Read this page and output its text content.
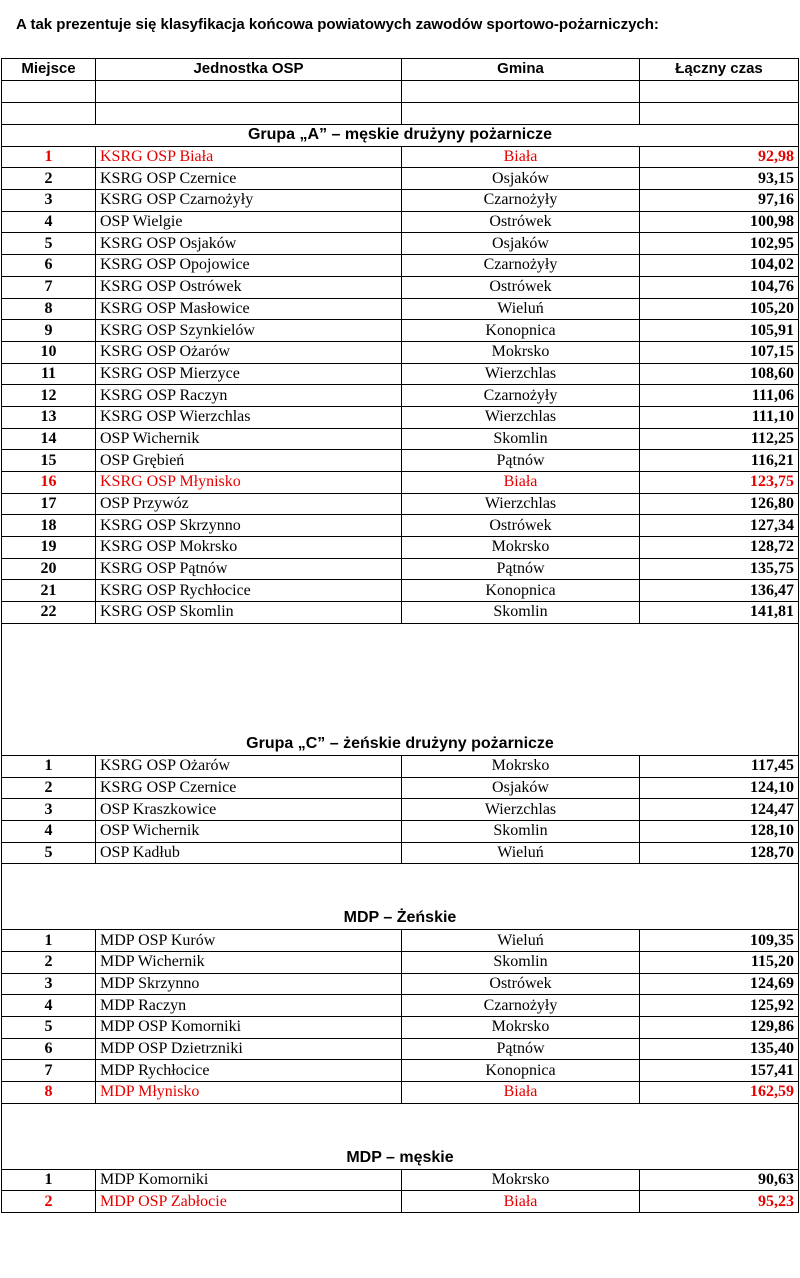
A tak prezentuje się klasyfikacja końcowa powiatowych zawodów sportowo-pożarniczych:
Miejsce	Jednostka OSP	Gmina	Łączny czas

Grupa „A” – męskie drużyny pożarnicze			
1	KSRG OSP Biała	Biała	92,98
2	KSRG OSP Czernice	Osjaków	93,15
3	KSRG OSP Czarnożyły	Czarnożyły	97,16
4	OSP Wielgie	Ostrówek	100,98
5	KSRG OSP Osjaków	Osjaków	102,95
6	KSRG OSP Opojowice	Czarnożyły	104,02
7	KSRG OSP Ostrówek	Ostrówek	104,76
8	KSRG OSP Masłowice	Wieluń	105,20
9	KSRG OSP Szynkielów	Konopnica	105,91
10	KSRG OSP Ożarów	Mokrsko	107,15
11	KSRG OSP Mierzyce	Wierzchlas	108,60
12	KSRG OSP Raczyn	Czarnożyły	111,06
13	KSRG OSP Wierzchlas	Wierzchlas	111,10
14	OSP Wichernik	Skomlin	112,25
15	OSP Grębień	Pątnów	116,21
16	KSRG OSP Młynisko	Biała	123,75
17	OSP Przywóz	Wierzchlas	126,80
18	KSRG OSP Skrzynno	Ostrówek	127,34
19	KSRG OSP Mokrsko	Mokrsko	128,72
20	KSRG OSP Pątnów	Pątnów	135,75
21	KSRG OSP Rychłocice	Konopnica	136,47
22	KSRG OSP Skomlin	Skomlin	141,81
Grupa „C” – żeńskie drużyny pożarnicze			
1	KSRG OSP Ożarów	Mokrsko	117,45
2	KSRG OSP Czernice	Osjaków	124,10
3	OSP Kraszkowice	Wierzchlas	124,47
4	OSP Wichernik	Skomlin	128,10
5	OSP Kadłub	Wieluń	128,70
MDP – Żeńskie			
1	MDP OSP Kurów	Wieluń	109,35
2	MDP Wichernik	Skomlin	115,20
3	MDP Skrzynno	Ostrówek	124,69
4	MDP Raczyn	Czarnożyły	125,92
5	MDP OSP Komorniki	Mokrsko	129,86
6	MDP OSP Dzietrzniki	Pątnów	135,40
7	MDP Rychłocice	Konopnica	157,41
8	MDP Młynisko	Biała	162,59
MDP – męskie			
1	MDP Komorniki	Mokrsko	90,63
2	MDP OSP Zabłocie	Biała	95,23
